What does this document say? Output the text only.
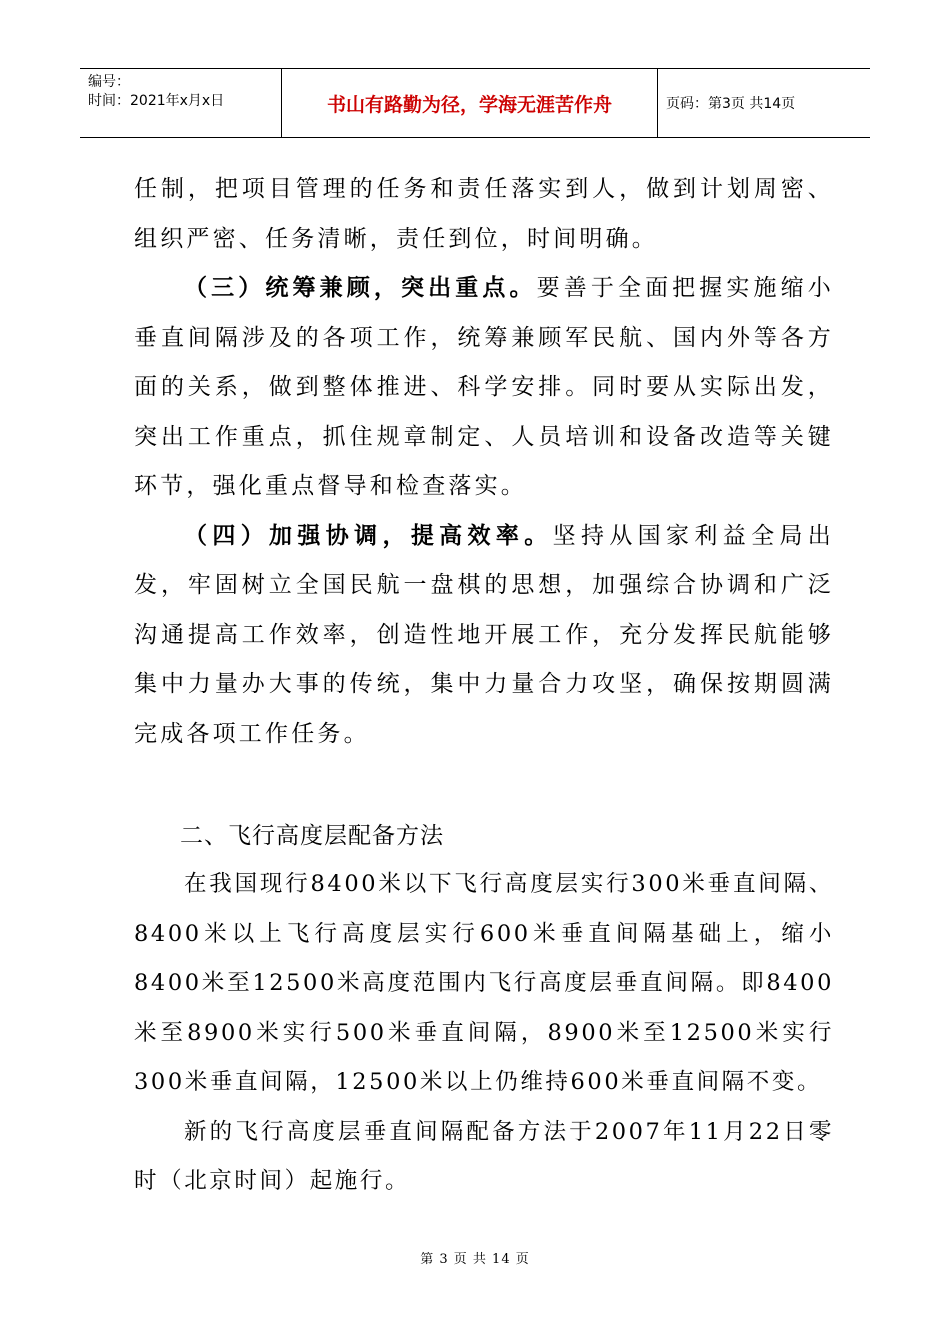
编号：
时间：2021年x月x日	书山有路勤为径，学海无涯苦作舟	页码：第3页 共14页

任制，把项目管理的任务和责任落实到人，做到计划周密、组织严密、任务清晰，责任到位，时间明确。

（三）统筹兼顾，突出重点。要善于全面把握实施缩小垂直间隔涉及的各项工作，统筹兼顾军民航、国内外等各方面的关系，做到整体推进、科学安排。同时要从实际出发，突出工作重点，抓住规章制定、人员培训和设备改造等关键环节，强化重点督导和检查落实。

（四）加强协调，提高效率。坚持从国家利益全局出发，牢固树立全国民航一盘棋的思想，加强综合协调和广泛沟通提高工作效率，创造性地开展工作，充分发挥民航能够集中力量办大事的传统，集中力量合力攻坚，确保按期圆满完成各项工作任务。

二、飞行高度层配备方法

在我国现行8400米以下飞行高度层实行300米垂直间隔、8400米以上飞行高度层实行600米垂直间隔基础上，缩小8400米至12500米高度范围内飞行高度层垂直间隔。即8400米至8900米实行500米垂直间隔，8900米至12500米实行300米垂直间隔，12500米以上仍维持600米垂直间隔不变。

新的飞行高度层垂直间隔配备方法于2007年11月22日零时（北京时间）起施行。

第 3 页 共 14 页
